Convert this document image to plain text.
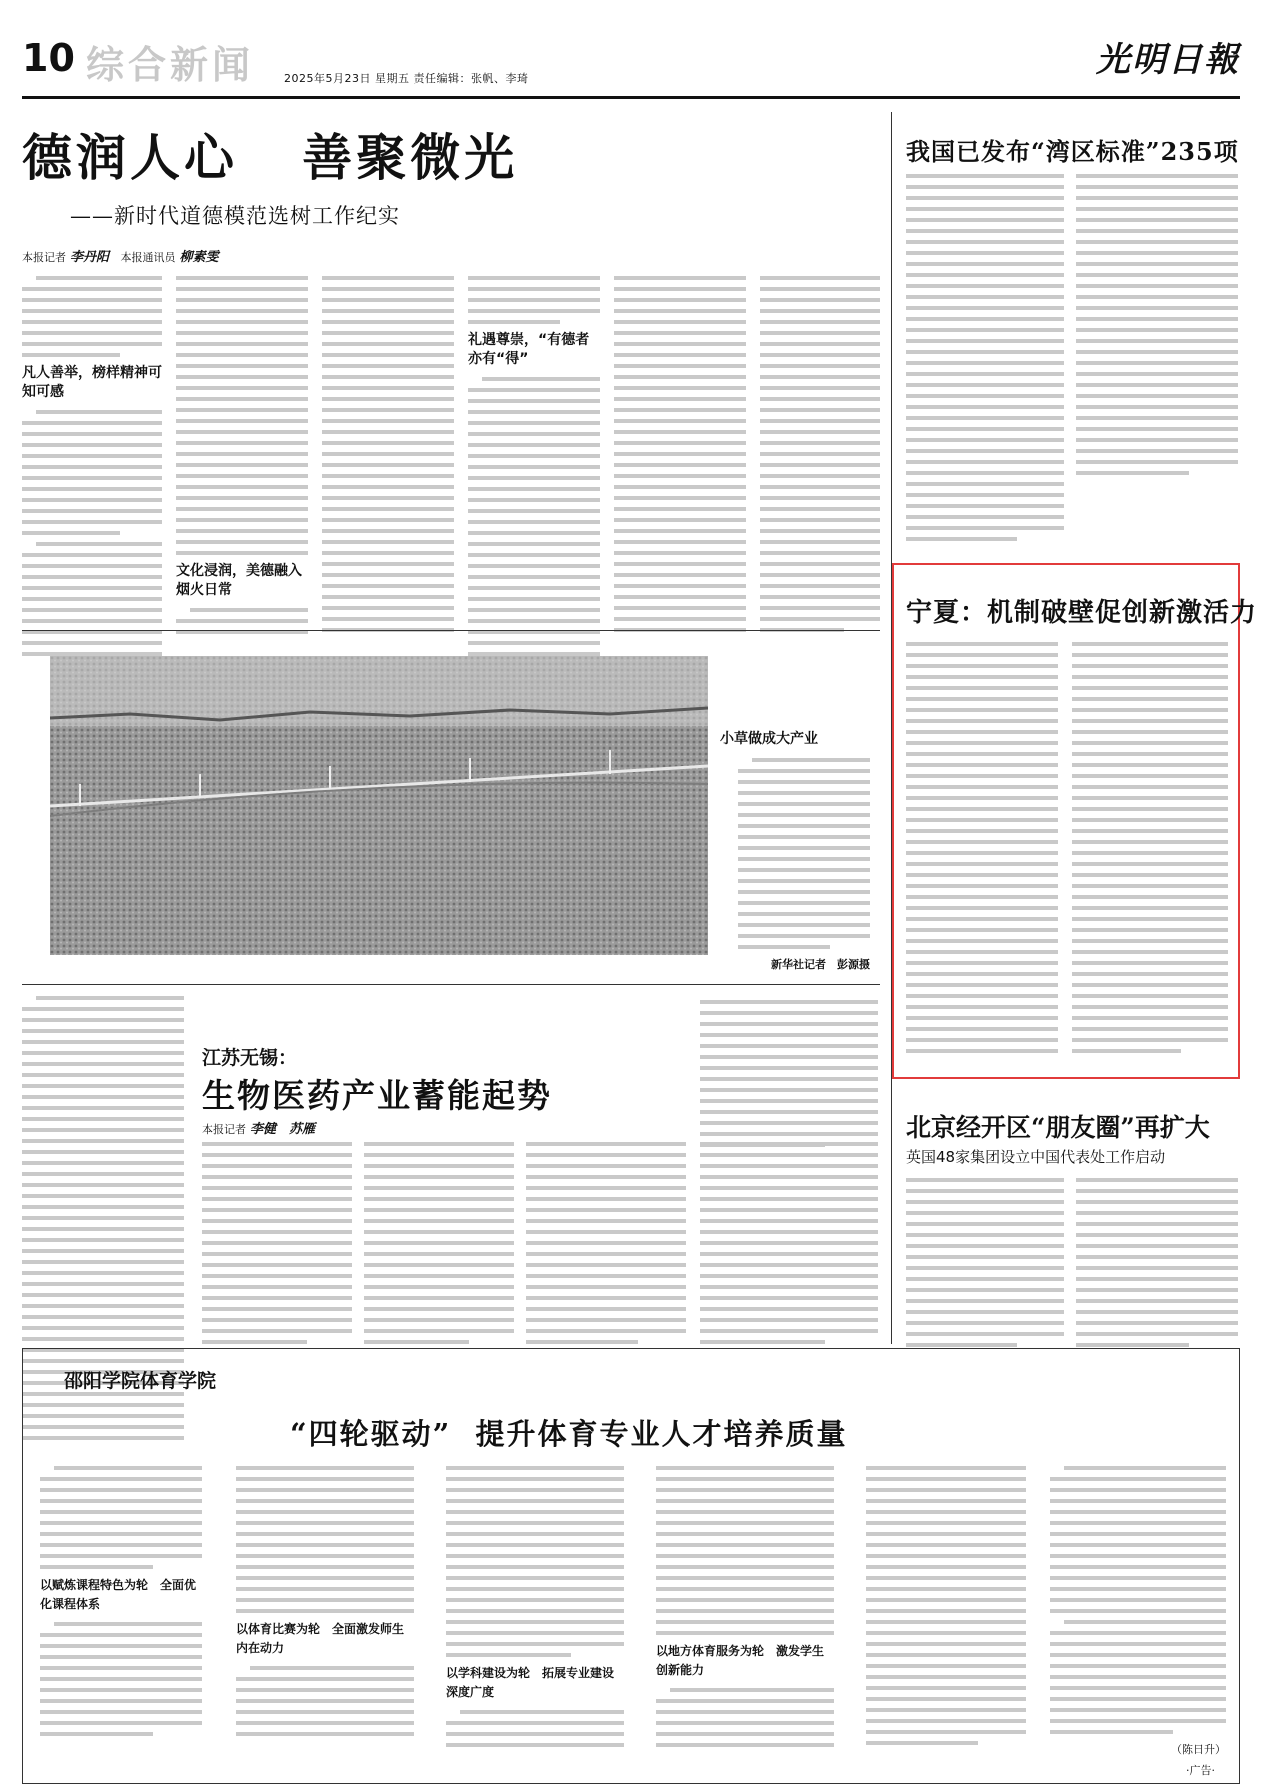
10 综合新闻	2025年5月23日 星期五 责任编辑：张帆、李琦	光明日報
德润人心   善聚微光
——新时代道德模范选树工作纪实
本报记者 李丹阳 本报通讯员 柳素雯
凡人善举，榜样精神可知可感
文化浸润，美德融入烟火日常
礼遇尊崇，“有德者亦有“得”
我国已发布“湾区标准”235项
宁夏：机制破壁促创新激活力
小草做成大产业
新华社记者　彭源摄
江苏无锡：
生物医药产业蓄能起势
本报记者 李健　苏雁	北京经开区“朋友圈”再扩大
英国48家集团设立中国代表处工作启动
邵阳学院体育学院
“四轮驱动”  提升体育专业人才培养质量
以赋炼课程特色为轮　全面优化课程体系
以体育比赛为轮　全面激发师生内在动力
以学科建设为轮　拓展专业建设深度广度
以地方体育服务为轮　激发学生创新能力
（陈日升）
·广告·
